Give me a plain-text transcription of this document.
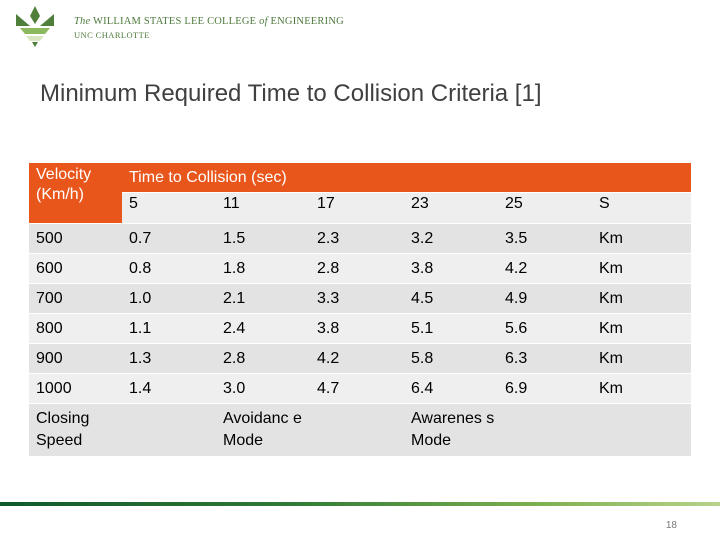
The WILLIAM STATES LEE COLLEGE of ENGINEERING
UNC CHARLOTTE
Minimum Required Time to Collision Criteria [1]
Velocity (Km/h)	Time to Collision (sec)					
	5	11	17	23	25	S
500	0.7	1.5	2.3	3.2	3.5	Km
600	0.8	1.8	2.8	3.8	4.2	Km
700	1.0	2.1	3.3	4.5	4.9	Km
800	1.1	2.4	3.8	5.1	5.6	Km
900	1.3	2.8	4.2	5.8	6.3	Km
1000	1.4	3.0	4.7	6.4	6.9	Km
Closing Speed		Avoidanc e Mode		Awarenes s Mode		
18
